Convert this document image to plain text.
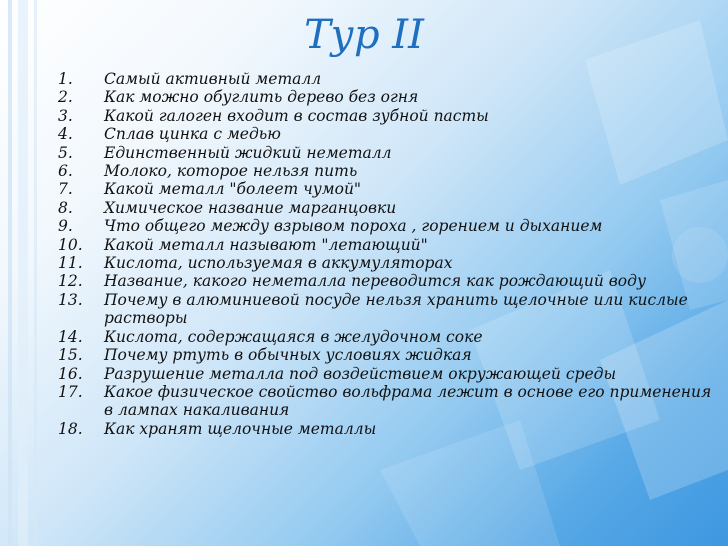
Тур II
1.	Самый активный металл
2.	Как можно обуглить дерево без огня
3.	Какой галоген входит в состав зубной пасты
4.	Сплав цинка с медью
5.	Единственный жидкий неметалл
6.	Молоко, которое нельзя пить
7.	Какой металл "болеет чумой"
8.	Химическое название марганцовки
9.	Что общего между взрывом пороха , горением и дыханием
10.	Какой металл называют "летающий"
11.	Кислота, используемая в аккумуляторах
12.	Название, какого неметалла переводится как рождающий воду
13.	Почему в алюминиевой посуде нельзя хранить щелочные или кислые растворы
14.	Кислота, содержащаяся в желудочном соке
15.	Почему ртуть в обычных условиях жидкая
16.	Разрушение металла под воздействием окружающей среды
17.	Какое физическое свойство вольфрама лежит в основе его применения в лампах накаливания
18.	Как хранят щелочные металлы
